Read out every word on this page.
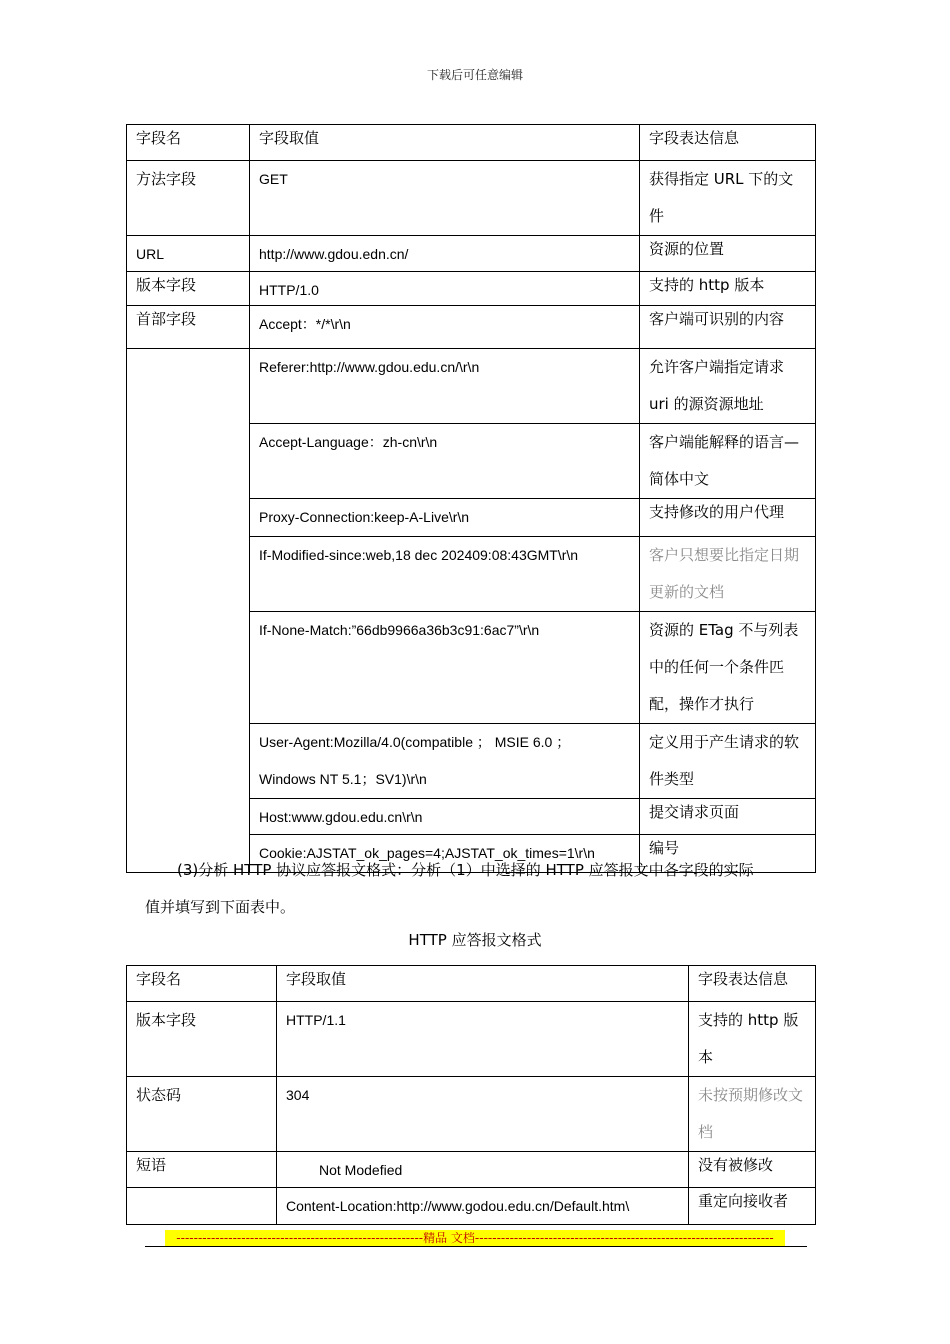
下载后可任意编辑
字段名	字段取值	字段表达信息
方法字段	GET	获得指定 URL 下的文件
URL	http://www.gdou.edn.cn/	资源的位置
版本字段	HTTP/1.0	支持的 http 版本
首部字段	Accept：*/*\r\n	客户端可识别的内容
	Referer:http://www.gdou.edu.cn/\r\n	允许客户端指定请求 uri 的源资源地址
	Accept-Language：zh-cn\r\n	客户端能解释的语言—简体中文
	Proxy-Connection:keep-A-Live\r\n	支持修改的用户代理
	If-Modified-since:web,18 dec 202409:08:43GMT\r\n	客户只想要比指定日期更新的文档
	If-None-Match:”66db9966a36b3c91:6ac7”\r\n	资源的 ETag 不与列表中的任何一个条件匹配，操作才执行
	User-Agent:Mozilla/4.0(compatible ； MSIE 6.0 ； Windows NT 5.1；SV1)\r\n	定义用于产生请求的软件类型
	Host:www.gdou.edu.cn\r\n	提交请求页面
	Cookie:AJSTAT_ok_pages=4;AJSTAT_ok_times=1\r\n	编号
(3)分析 HTTP 协议应答报文格式：分析（1）中选择的 HTTP 应答报文中各字段的实际
值并填写到下面表中。
HTTP 应答报文格式
字段名	字段取值	字段表达信息
版本字段	HTTP/1.1	支持的 http 版本
状态码	304	未按预期修改文档
短语	Not Modefied	没有被修改
	Content-Location:http://www.godou.edu.cn/Default.htm\	重定向接收者
---------------------------------------------------------精品 文档---------------------------------------------------------------------
